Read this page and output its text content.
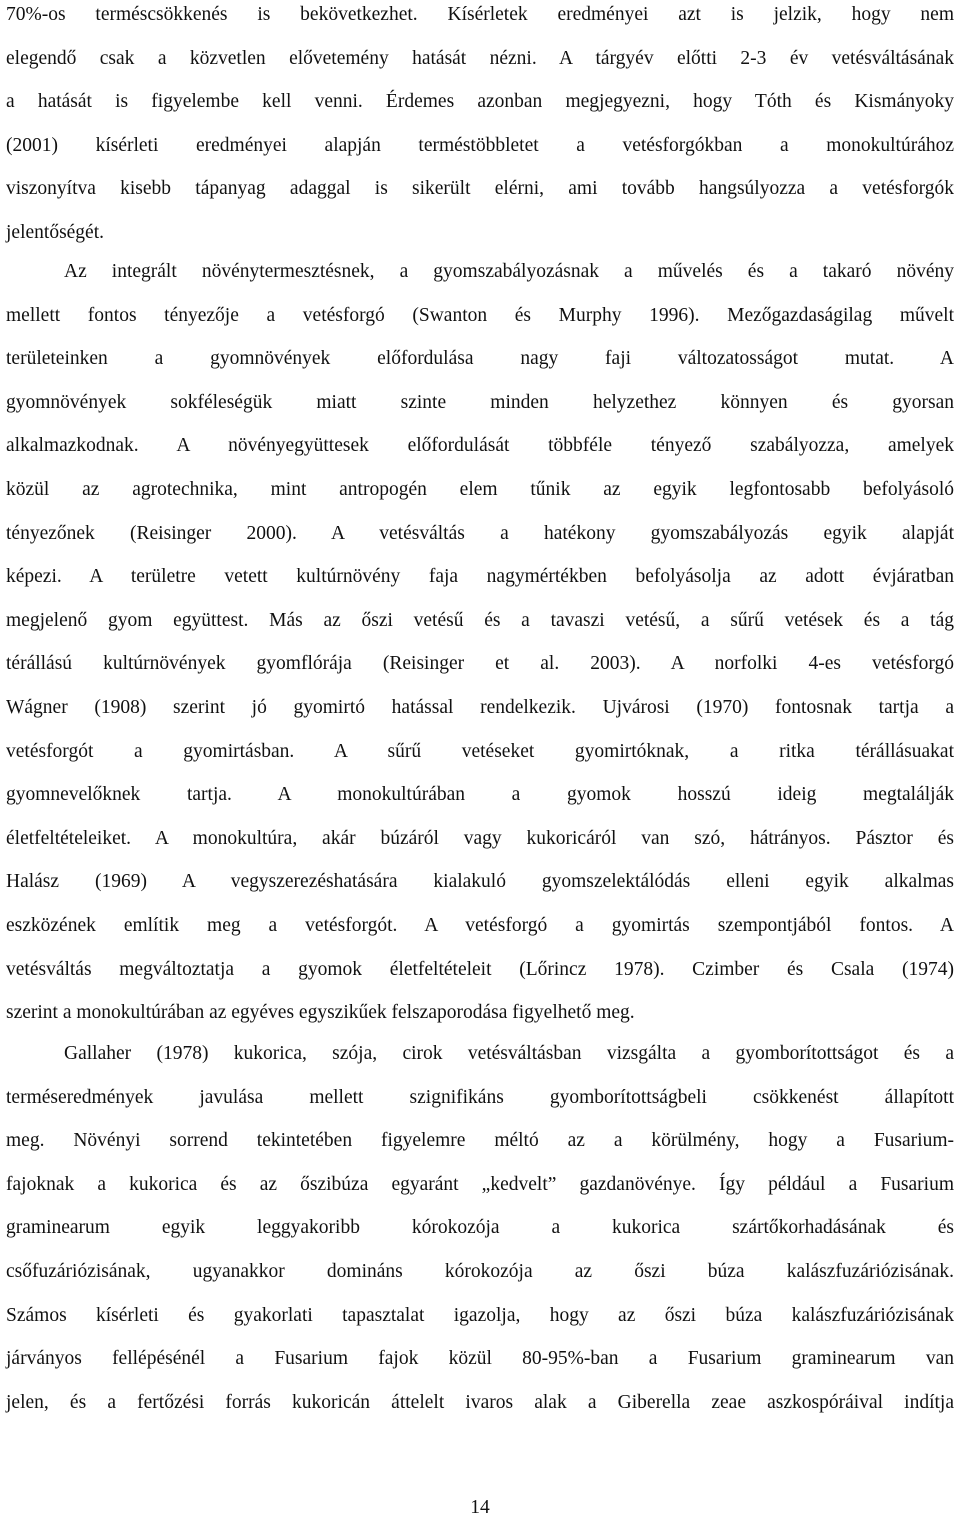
70%-os terméscsökkenés is bekövetkezhet. Kísérletek eredményei azt is jelzik, hogy nem
elegendő csak a közvetlen elővetemény hatását nézni. A tárgyév előtti 2-3 év vetésváltásának
a hatását is figyelembe kell venni. Érdemes azonban megjegyezni, hogy Tóth és Kismányoky
(2001) kísérleti eredményei alapján terméstöbbletet a vetésforgókban a monokultúrához
viszonyítva kisebb tápanyag adaggal is sikerült elérni, ami tovább hangsúlyozza a vetésforgók
jelentőségét.
Az integrált növénytermesztésnek, a gyomszabályozásnak a művelés és a takaró növény
mellett fontos tényezője a vetésforgó (Swanton és Murphy 1996). Mezőgazdaságilag művelt
területeinken a gyomnövények előfordulása nagy faji változatosságot mutat. A
gyomnövények sokféleségük miatt szinte minden helyzethez könnyen és gyorsan
alkalmazkodnak. A növényegyüttesek előfordulását többféle tényező szabályozza, amelyek
közül az agrotechnika, mint antropogén elem tűnik az egyik legfontosabb befolyásoló
tényezőnek (Reisinger 2000). A vetésváltás a hatékony gyomszabályozás egyik alapját
képezi. A területre vetett kultúrnövény faja nagymértékben befolyásolja az adott évjáratban
megjelenő gyom együttest. Más az őszi vetésű és a tavaszi vetésű, a sűrű vetések és a tág
térállású kultúrnövények gyomflórája (Reisinger et al. 2003). A norfolki 4-es vetésforgó
Wágner (1908) szerint jó gyomirtó hatással rendelkezik. Ujvárosi (1970) fontosnak tartja a
vetésforgót a gyomirtásban. A sűrű vetéseket gyomirtóknak, a ritka térállásuakat
gyomnevelőknek tartja. A monokultúrában a gyomok hosszú ideig megtalálják
életfeltételeiket. A monokultúra, akár búzáról vagy kukoricáról van szó, hátrányos. Pásztor és
Halász (1969) A vegyszerezéshatására kialakuló gyomszelektálódás elleni egyik alkalmas
eszközének említik meg a vetésforgót. A vetésforgó a gyomirtás szempontjából fontos. A
vetésváltás megváltoztatja a gyomok életfeltételeit (Lőrincz 1978). Czimber és Csala (1974)
szerint a monokultúrában az egyéves egyszikűek felszaporodása figyelhető meg.
Gallaher (1978) kukorica, szója, cirok vetésváltásban vizsgálta a gyomborítottságot és a
terméseredmények javulása mellett szignifikáns gyomborítottságbeli csökkenést állapított
meg. Növényi sorrend tekintetében figyelemre méltó az a körülmény, hogy a Fusarium-
fajoknak a kukorica és az őszibúza egyaránt „kedvelt” gazdanövénye. Így például a Fusarium
graminearum egyik leggyakoribb kórokozója a kukorica szártőkorhadásának és
csőfuzáriózisának, ugyanakkor domináns kórokozója az őszi búza kalászfuzáriózisának.
Számos kísérleti és gyakorlati tapasztalat igazolja, hogy az őszi búza kalászfuzáriózisának
járványos fellépésénél a Fusarium fajok közül 80-95%-ban a Fusarium graminearum van
jelen, és a fertőzési forrás kukoricán áttelelt ivaros alak a Giberella zeae aszkospóráival indítja
14
